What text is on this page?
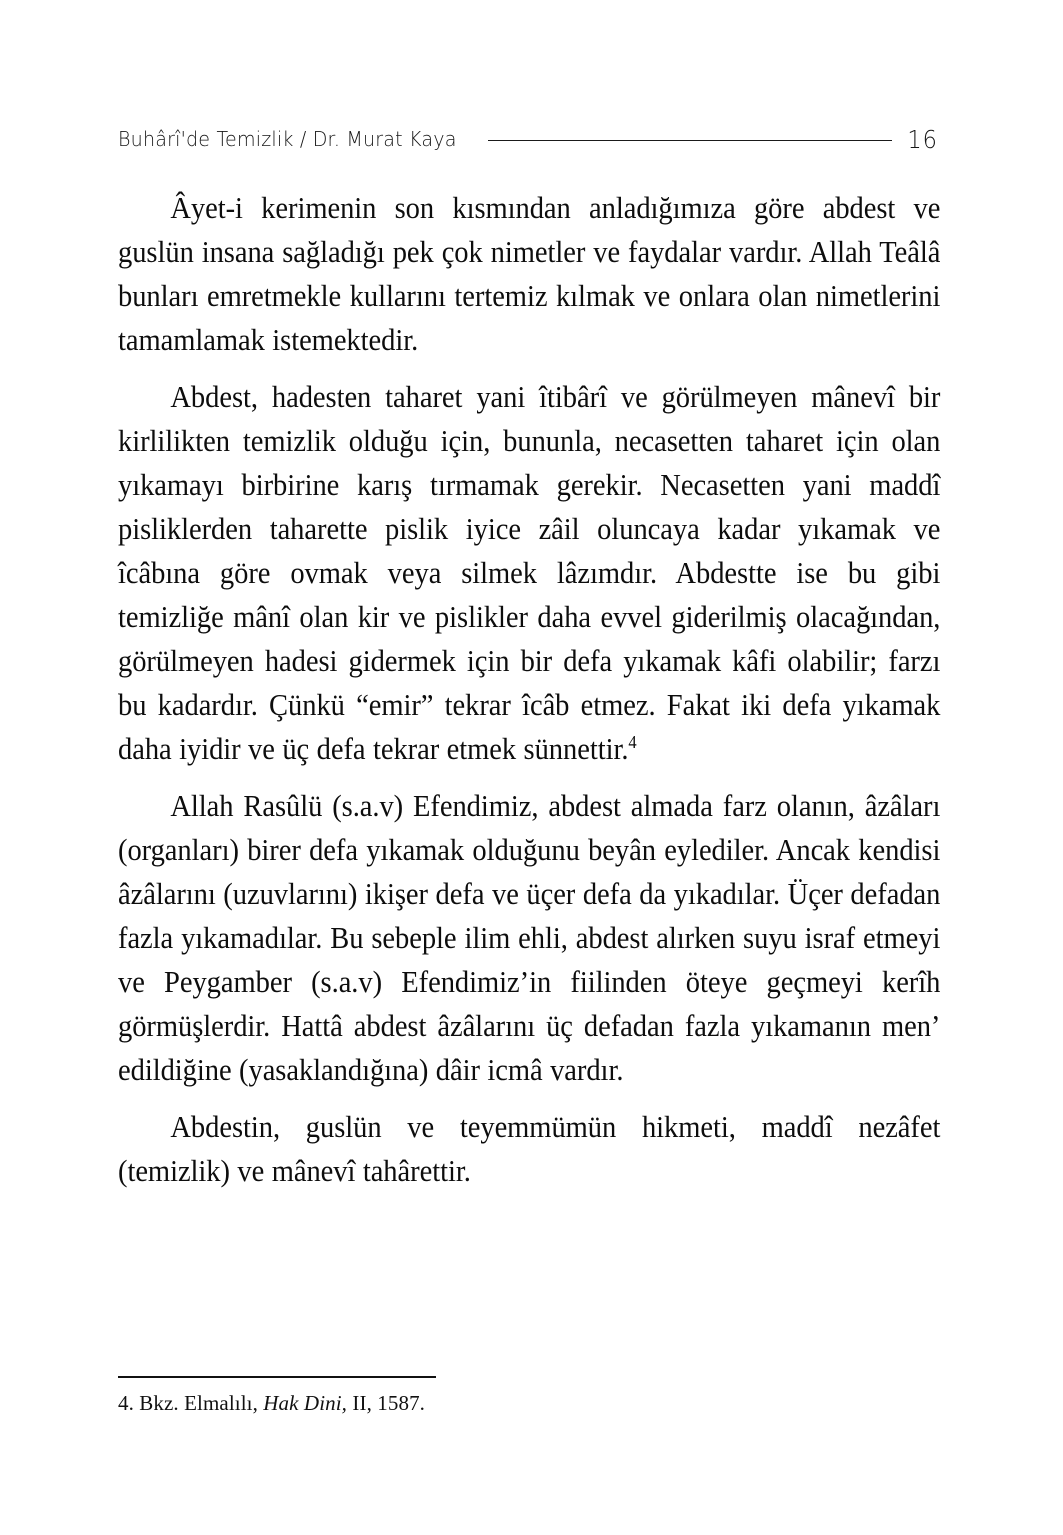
Buhârî'de Temizlik / Dr. Murat Kaya	16

Âyet-i kerimenin son kısmından anladığımıza göre abdest ve guslün insana sağladığı pek çok nimetler ve faydalar vardır. Allah Teâlâ bunları emretmekle kullarını tertemiz kılmak ve onlara olan nimetlerini tamamlamak istemektedir.

Abdest, hadesten taharet yani îtibârî ve görülmeyen mânevî bir kirlilikten temizlik olduğu için, bununla, necasetten taharet için olan yıkamayı birbirine karış tırmamak gerekir. Necasetten yani maddî pisliklerden taharette pislik iyice zâil oluncaya kadar yıkamak ve îcâbına göre ovmak veya silmek lâzımdır. Abdestte ise bu gibi temizliğe mânî olan kir ve pislikler daha evvel giderilmiş olacağından, görülmeyen hadesi gidermek için bir defa yıkamak kâfi olabilir; farzı bu kadardır. Çünkü “emir” tekrar îcâb etmez. Fakat iki defa yıkamak daha iyidir ve üç defa tekrar etmek sünnettir.$^4$

Allah Rasûlü (s.a.v) Efendimiz, abdest almada farz olanın, âzâları (organları) birer defa yıkamak olduğunu beyân eylediler. Ancak kendisi âzâlarını (uzuvlarını) ikişer defa ve üçer defa da yıkadılar. Üçer defadan fazla yıkamadılar. Bu sebeple ilim ehli, abdest alırken suyu israf etmeyi ve Peygamber (s.a.v) Efendimiz’in fiilinden öteye geçmeyi kerîh görmüşlerdir. Hattâ abdest âzâlarını üç defadan fazla yıkamanın men’ edildiğine (yasaklandığına) dâir icmâ vardır.

Abdestin, guslün ve teyemmümün hikmeti, maddî nezâfet (temizlik) ve mânevî tahârettir.

4. Bkz. Elmalılı, Hak Dini, II, 1587.
